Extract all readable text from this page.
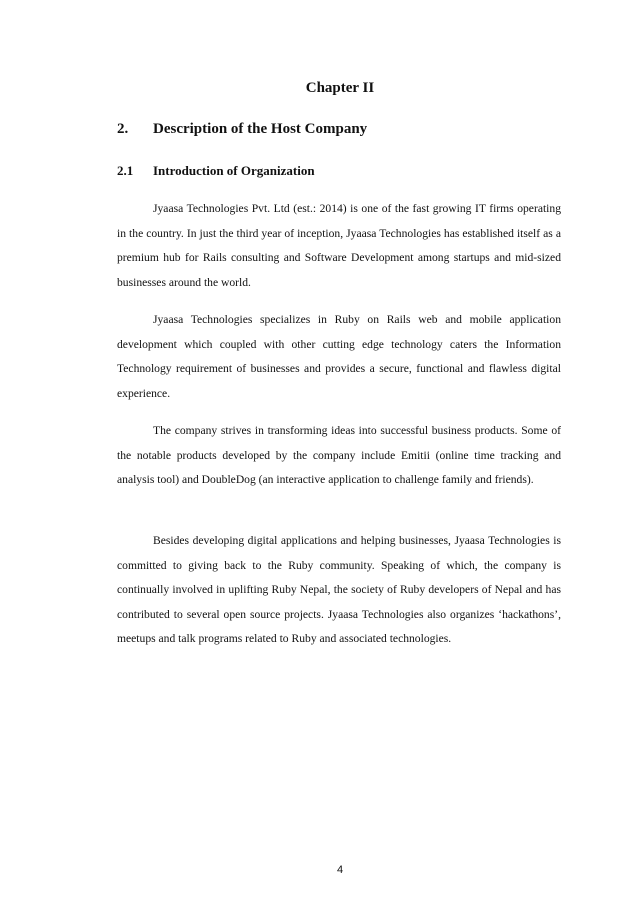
Chapter II
2. Description of the Host Company
2.1 Introduction of Organization

Jyaasa Technologies Pvt. Ltd (est.: 2014) is one of the fast growing IT firms operating in the country. In just the third year of inception, Jyaasa Technologies has established itself as a premium hub for Rails consulting and Software Development among startups and mid-sized businesses around the world.

Jyaasa Technologies specializes in Ruby on Rails web and mobile application development which coupled with other cutting edge technology caters the Information Technology requirement of businesses and provides a secure, functional and flawless digital experience.

The company strives in transforming ideas into successful business products. Some of the notable products developed by the company include Emitii (online time tracking and analysis tool) and DoubleDog (an interactive application to challenge family and friends).

Besides developing digital applications and helping businesses, Jyaasa Technologies is committed to giving back to the Ruby community. Speaking of which, the company is continually involved in uplifting Ruby Nepal, the society of Ruby developers of Nepal and has contributed to several open source projects. Jyaasa Technologies also organizes ‘hackathons’, meetups and talk programs related to Ruby and associated technologies.

4
